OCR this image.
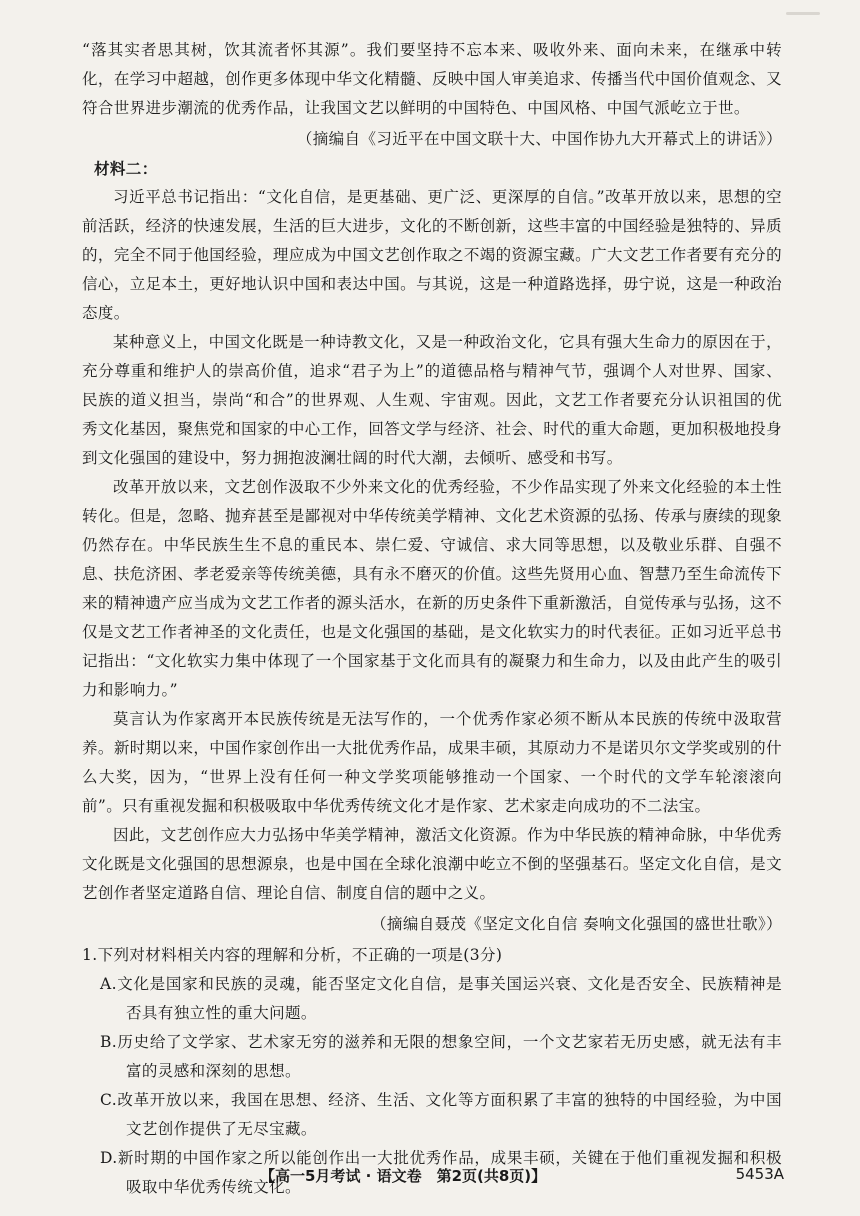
“落其实者思其树，饮其流者怀其源”。我们要坚持不忘本来、吸收外来、面向未来，在继承中转化，在学习中超越，创作更多体现中华文化精髓、反映中国人审美追求、传播当代中国价值观念、又符合世界进步潮流的优秀作品，让我国文艺以鲜明的中国特色、中国风格、中国气派屹立于世。

（摘编自《习近平在中国文联十大、中国作协九大开幕式上的讲话》）

材料二：

习近平总书记指出：“文化自信，是更基础、更广泛、更深厚的自信。”改革开放以来，思想的空前活跃，经济的快速发展，生活的巨大进步，文化的不断创新，这些丰富的中国经验是独特的、异质的，完全不同于他国经验，理应成为中国文艺创作取之不竭的资源宝藏。广大文艺工作者要有充分的信心，立足本土，更好地认识中国和表达中国。与其说，这是一种道路选择，毋宁说，这是一种政治态度。

某种意义上，中国文化既是一种诗教文化，又是一种政治文化，它具有强大生命力的原因在于，充分尊重和维护人的崇高价值，追求“君子为上”的道德品格与精神气节，强调个人对世界、国家、民族的道义担当，崇尚“和合”的世界观、人生观、宇宙观。因此，文艺工作者要充分认识祖国的优秀文化基因，聚焦党和国家的中心工作，回答文学与经济、社会、时代的重大命题，更加积极地投身到文化强国的建设中，努力拥抱波澜壮阔的时代大潮，去倾听、感受和书写。

改革开放以来，文艺创作汲取不少外来文化的优秀经验，不少作品实现了外来文化经验的本土性转化。但是，忽略、抛弃甚至是鄙视对中华传统美学精神、文化艺术资源的弘扬、传承与赓续的现象仍然存在。中华民族生生不息的重民本、崇仁爱、守诚信、求大同等思想，以及敬业乐群、自强不息、扶危济困、孝老爱亲等传统美德，具有永不磨灭的价值。这些先贤用心血、智慧乃至生命流传下来的精神遗产应当成为文艺工作者的源头活水，在新的历史条件下重新激活，自觉传承与弘扬，这不仅是文艺工作者神圣的文化责任，也是文化强国的基础，是文化软实力的时代表征。正如习近平总书记指出：“文化软实力集中体现了一个国家基于文化而具有的凝聚力和生命力，以及由此产生的吸引力和影响力。”

莫言认为作家离开本民族传统是无法写作的，一个优秀作家必须不断从本民族的传统中汲取营养。新时期以来，中国作家创作出一大批优秀作品，成果丰硕，其原动力不是诺贝尔文学奖或别的什么大奖，因为，“世界上没有任何一种文学奖项能够推动一个国家、一个时代的文学车轮滚滚向前”。只有重视发掘和积极吸取中华优秀传统文化才是作家、艺术家走向成功的不二法宝。

因此，文艺创作应大力弘扬中华美学精神，激活文化资源。作为中华民族的精神命脉，中华优秀文化既是文化强国的思想源泉，也是中国在全球化浪潮中屹立不倒的坚强基石。坚定文化自信，是文艺创作者坚定道路自信、理论自信、制度自信的题中之义。

（摘编自聂茂《坚定文化自信 奏响文化强国的盛世壮歌》）

1.下列对材料相关内容的理解和分析，不正确的一项是(3分)

A.文化是国家和民族的灵魂，能否坚定文化自信，是事关国运兴衰、文化是否安全、民族精神是否具有独立性的重大问题。

B.历史给了文学家、艺术家无穷的滋养和无限的想象空间，一个文艺家若无历史感，就无法有丰富的灵感和深刻的思想。

C.改革开放以来，我国在思想、经济、生活、文化等方面积累了丰富的独特的中国经验，为中国文艺创作提供了无尽宝藏。

D.新时期的中国作家之所以能创作出一大批优秀作品，成果丰硕，关键在于他们重视发掘和积极吸取中华优秀传统文化。

【高一5月考试 · 语文卷　第2页(共8页)】	5453A
